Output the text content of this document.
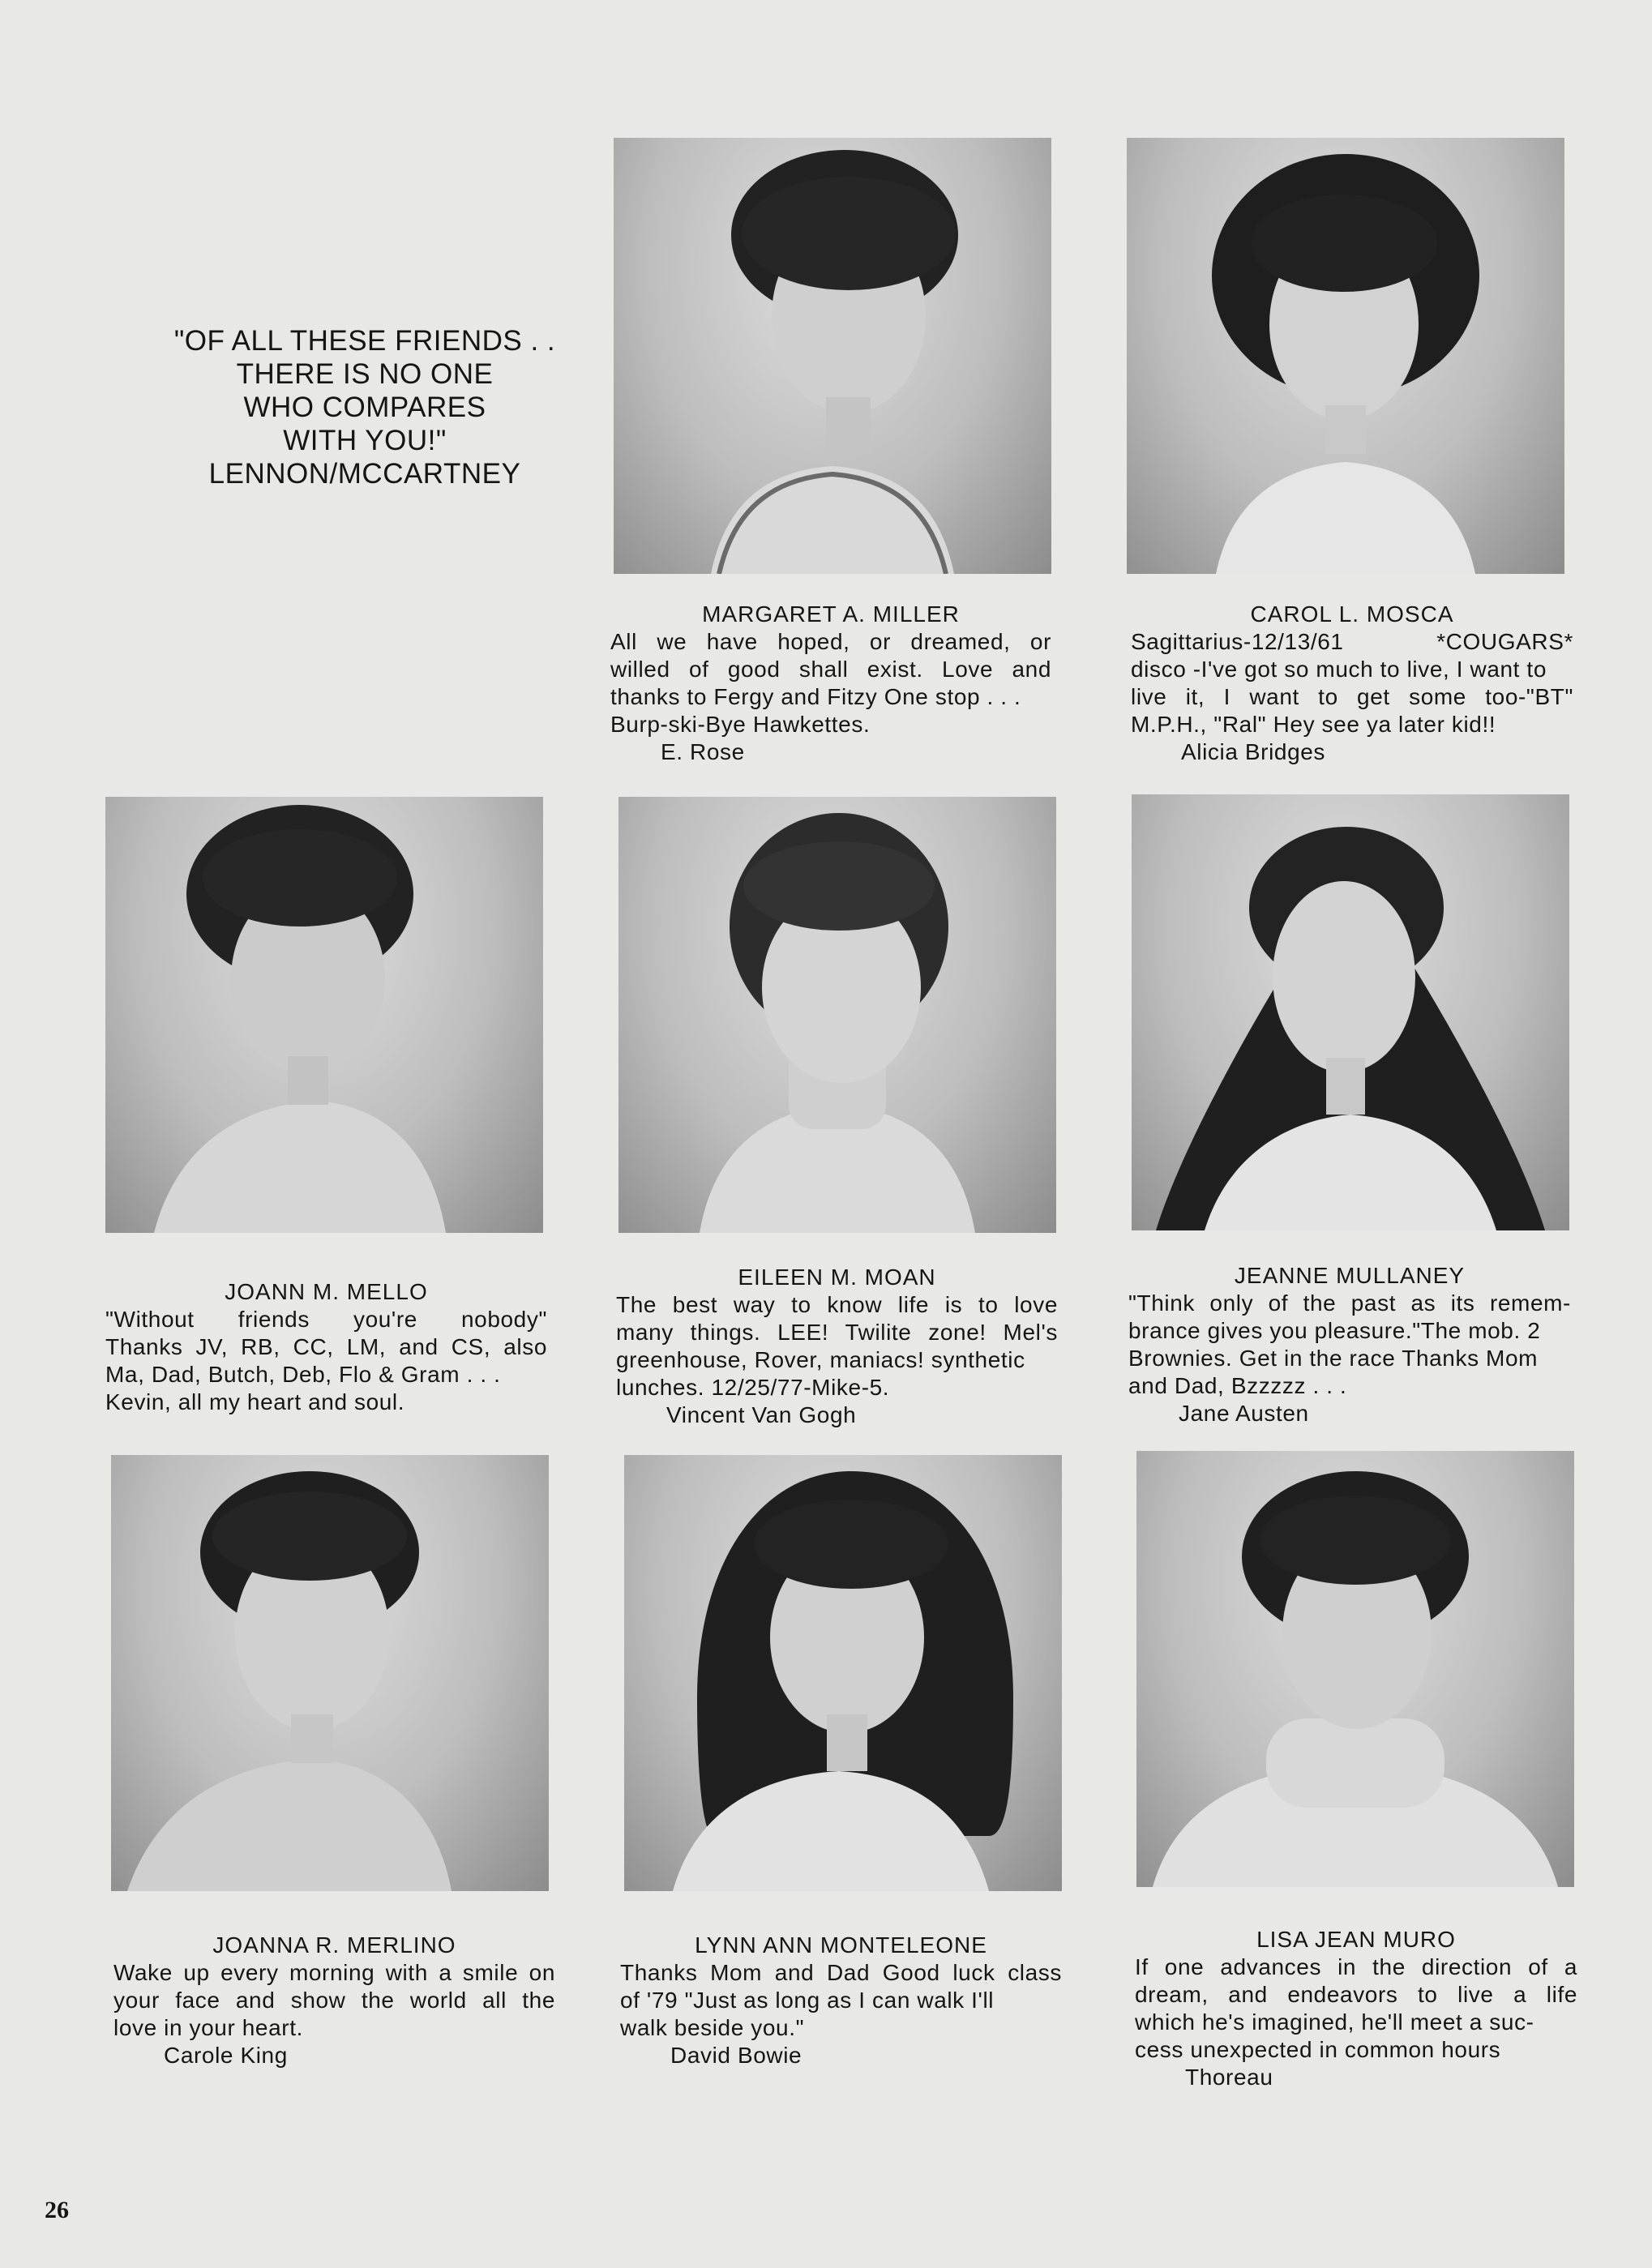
"OF ALL THESE FRIENDS . .
THERE IS NO ONE
WHO COMPARES
WITH YOU!"
LENNON/MCCARTNEY
MARGARET A. MILLER
All we have hoped, or dreamed, or
willed of good shall exist. Love and
thanks to Fergy and Fitzy One stop . . .
Burp-ski-Bye Hawkettes.
E. Rose
CAROL L. MOSCA
Sagittarius-12/13/61 *COUGARS*
disco -I've got so much to live, I want to
live it, I want to get some too-"BT"
M.P.H., "Ral" Hey see ya later kid!!
Alicia Bridges
JOANN M. MELLO
"Without friends you're nobody"
Thanks JV, RB, CC, LM, and CS, also
Ma, Dad, Butch, Deb, Flo & Gram . . .
Kevin, all my heart and soul.
EILEEN M. MOAN
The best way to know life is to love
many things. LEE! Twilite zone! Mel's
greenhouse, Rover, maniacs! synthetic
lunches. 12/25/77-Mike-5.
Vincent Van Gogh
JEANNE MULLANEY
"Think only of the past as its remem-
brance gives you pleasure."The mob. 2
Brownies. Get in the race Thanks Mom
and Dad, Bzzzzz . . .
Jane Austen
JOANNA R. MERLINO
Wake up every morning with a smile on
your face and show the world all the
love in your heart.
Carole King
LYNN ANN MONTELEONE
Thanks Mom and Dad Good luck class
of '79 "Just as long as I can walk I'll
walk beside you."
David Bowie
LISA JEAN MURO
If one advances in the direction of a
dream, and endeavors to live a life
which he's imagined, he'll meet a suc-
cess unexpected in common hours
Thoreau
26
